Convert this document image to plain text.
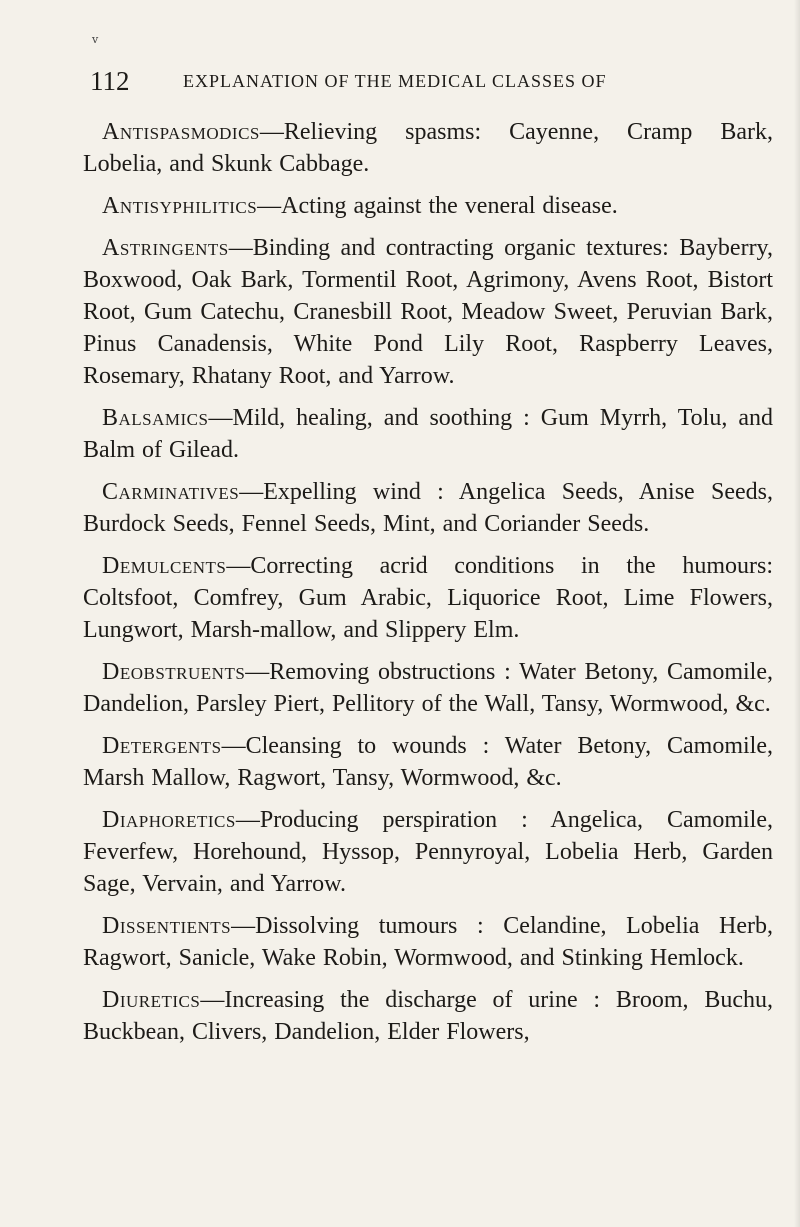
v
112	EXPLANATION OF THE MEDICAL CLASSES OF

Antispasmodics—Relieving spasms: Cayenne, Cramp Bark, Lobelia, and Skunk Cabbage.

Antisyphilitics—Acting against the veneral disease.

Astringents—Binding and contracting organic textures: Bayberry, Boxwood, Oak Bark, Tormentil Root, Agrimony, Avens Root, Bistort Root, Gum Catechu, Cranesbill Root, Meadow Sweet, Peruvian Bark, Pinus Canadensis, White Pond Lily Root, Raspberry Leaves, Rosemary, Rhatany Root, and Yarrow.

Balsamics—Mild, healing, and soothing : Gum Myrrh, Tolu, and Balm of Gilead.

Carminatives—Expelling wind : Angelica Seeds, Anise Seeds, Burdock Seeds, Fennel Seeds, Mint, and Coriander Seeds.

Demulcents—Correcting acrid conditions in the humours: Coltsfoot, Comfrey, Gum Arabic, Liquorice Root, Lime Flowers, Lungwort, Marsh-mallow, and Slippery Elm.

Deobstruents—Removing obstructions : Water Betony, Camomile, Dandelion, Parsley Piert, Pellitory of the Wall, Tansy, Wormwood, &c.

Detergents—Cleansing to wounds : Water Betony, Camomile, Marsh Mallow, Ragwort, Tansy, Wormwood, &c.

Diaphoretics—Producing perspiration : Angelica, Camomile, Feverfew, Horehound, Hyssop, Pennyroyal, Lobelia Herb, Garden Sage, Vervain, and Yarrow.

Dissentients—Dissolving tumours : Celandine, Lobelia Herb, Ragwort, Sanicle, Wake Robin, Wormwood, and Stinking Hemlock.

Diuretics—Increasing the discharge of urine : Broom, Buchu, Buckbean, Clivers, Dandelion, Elder Flowers,
